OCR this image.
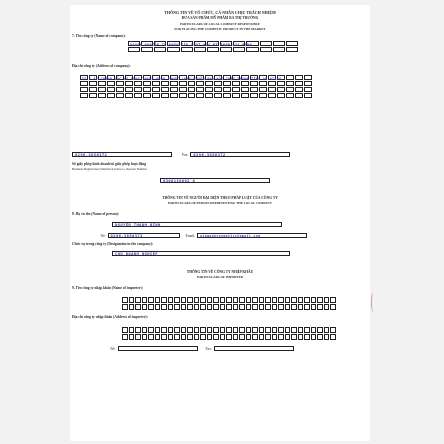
THÔNG TIN VỀ TỔ CHỨC, CÁ NHÂN CHỊU TRÁCH NHIỆM
ĐƯA SẢN PHẨM MỸ PHẨM RA THỊ TRƯỜNG
PARTICULARS OF LOCAL COMPANY RESPONSIBLE
FOR PLACING THE COSMETIC PRODUCT IN THE MARKET
7. Tên công ty (Name of company):
DOANH NGHIỆP TƯ NHÂN SẢN XUẤT HÓA MỸ PHẨM GIA MẠNH
Địa chỉ công ty (Address of company):
TỔ 1 ẤP CHÁNH LỘC XÃ LONG THẠNH QUẬN PHƯỚC LONG HUYỆN PHÓ HỘI CHÂU THÀNH TỈNH AN GIANG
0296.3856372	Fax: 0296.3856372
Số giấy phép kinh doanh/số giấy phép hoạt động
Business Registration Number/License to Operate Number
0300130002 0
THÔNG TIN VỀ NGƯỜI ĐẠI DIỆN THEO PHÁP LUẬT CỦA CÔNG TY
PARTICULARS OF PERSON REPRESENTING THE LOCAL COMPANY
8. Họ và tên (Name of person):
NGUYỄN THANH BÌNH
Tel: 0296.3856372	Email: giamanhcosmetics@gmail.com
Chức vụ trong công ty (Designation in the company):
CHỦ DOANH NGHIỆP
THÔNG TIN VỀ CÔNG TY NHẬP KHẨU
PARTICULARS OF IMPORTER
9. Tên công ty nhập khẩu (Name of importer):
Địa chỉ công ty nhập khẩu (Address of importer):
Tel:	Fax:
